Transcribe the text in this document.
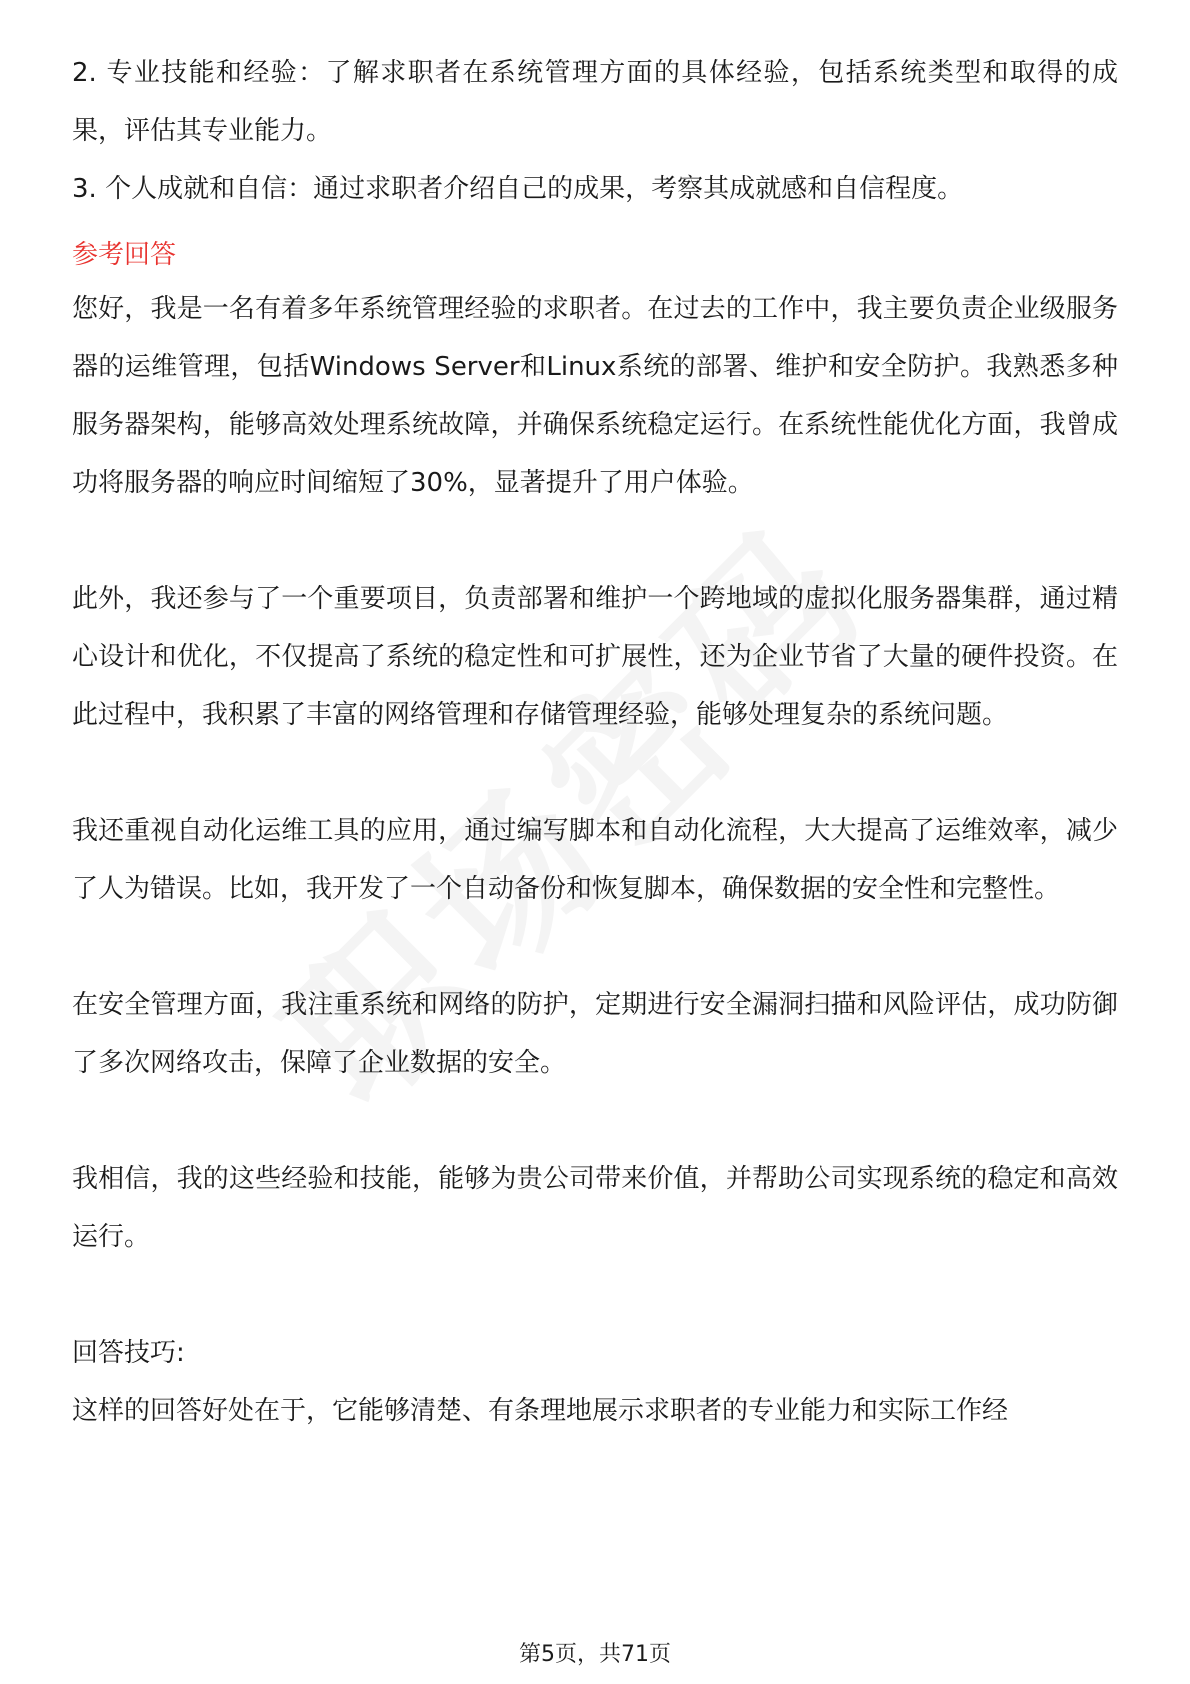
2. 专业技能和经验：了解求职者在系统管理方面的具体经验，包括系统类型和取得的成果，评估其专业能力。

3. 个人成就和自信：通过求职者介绍自己的成果，考察其成就感和自信程度。

参考回答

您好，我是一名有着多年系统管理经验的求职者。在过去的工作中，我主要负责企业级服务器的运维管理，包括Windows Server和Linux系统的部署、维护和安全防护。我熟悉多种服务器架构，能够高效处理系统故障，并确保系统稳定运行。在系统性能优化方面，我曾成功将服务器的响应时间缩短了30%，显著提升了用户体验。

此外，我还参与了一个重要项目，负责部署和维护一个跨地域的虚拟化服务器集群，通过精心设计和优化，不仅提高了系统的稳定性和可扩展性，还为企业节省了大量的硬件投资。在此过程中，我积累了丰富的网络管理和存储管理经验，能够处理复杂的系统问题。

我还重视自动化运维工具的应用，通过编写脚本和自动化流程，大大提高了运维效率，减少了人为错误。比如，我开发了一个自动备份和恢复脚本，确保数据的安全性和完整性。

在安全管理方面，我注重系统和网络的防护，定期进行安全漏洞扫描和风险评估，成功防御了多次网络攻击，保障了企业数据的安全。

我相信，我的这些经验和技能，能够为贵公司带来价值，并帮助公司实现系统的稳定和高效运行。

回答技巧:

这样的回答好处在于，它能够清楚、有条理地展示求职者的专业能力和实际工作经

第5页，共71页
